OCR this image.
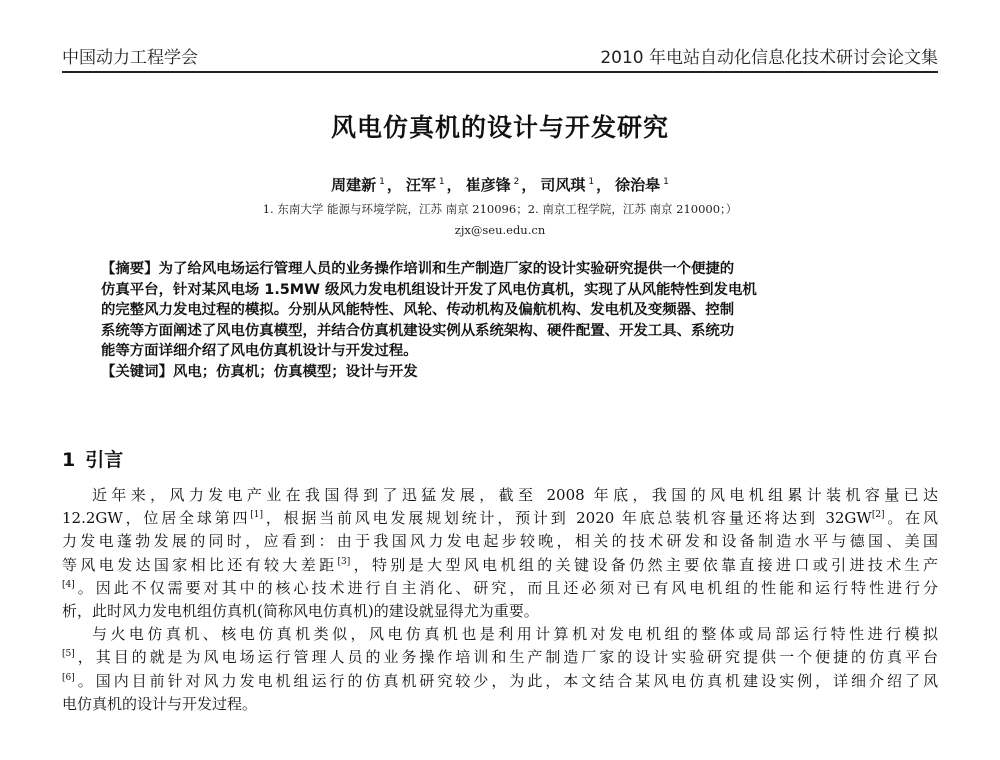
中国动力工程学会	2010 年电站自动化信息化技术研讨会论文集
风电仿真机的设计与开发研究
周建新 $^1$ ， 汪军 $^1$ ， 崔彦锋 $^2$ ， 司风琪 $^1$ ， 徐治皋 $^1$
1. 东南大学 能源与环境学院，江苏 南京 210096；2. 南京工程学院，江苏 南京 210000；）
zjx@seu.edu.cn
【摘要】为了给风电场运行管理人员的业务操作培训和生产制造厂家的设计实验研究提供一个便捷的
仿真平台，针对某风电场 1.5MW 级风力发电机组设计开发了风电仿真机，实现了从风能特性到发电机
的完整风力发电过程的模拟。分别从风能特性、风轮、传动机构及偏航机构、发电机及变频器、控制
系统等方面阐述了风电仿真模型，并结合仿真机建设实例从系统架构、硬件配置、开发工具、系统功
能等方面详细介绍了风电仿真机设计与开发过程。
【关键词】风电；仿真机；仿真模型；设计与开发
1 引言
近年来，风力发电产业在我国得到了迅猛发展，截至 2008 年底，我国的风电机组累计装机容量已达
12.2GW，位居全球第四[1]，根据当前风电发展规划统计，预计到 2020 年底总装机容量还将达到 32GW[2]。在风
力发电蓬勃发展的同时，应看到：由于我国风力发电起步较晚，相关的技术研发和设备制造水平与德国、美国
等风电发达国家相比还有较大差距[3]，特别是大型风电机组的关键设备仍然主要依靠直接进口或引进技术生产
[4]。因此不仅需要对其中的核心技术进行自主消化、研究，而且还必须对已有风电机组的性能和运行特性进行分
析，此时风力发电机组仿真机(简称风电仿真机)的建设就显得尤为重要。
与火电仿真机、核电仿真机类似，风电仿真机也是利用计算机对发电机组的整体或局部运行特性进行模拟
[5]，其目的就是为风电场运行管理人员的业务操作培训和生产制造厂家的设计实验研究提供一个便捷的仿真平台
[6]。国内目前针对风力发电机组运行的仿真机研究较少，为此，本文结合某风电仿真机建设实例，详细介绍了风
电仿真机的设计与开发过程。
